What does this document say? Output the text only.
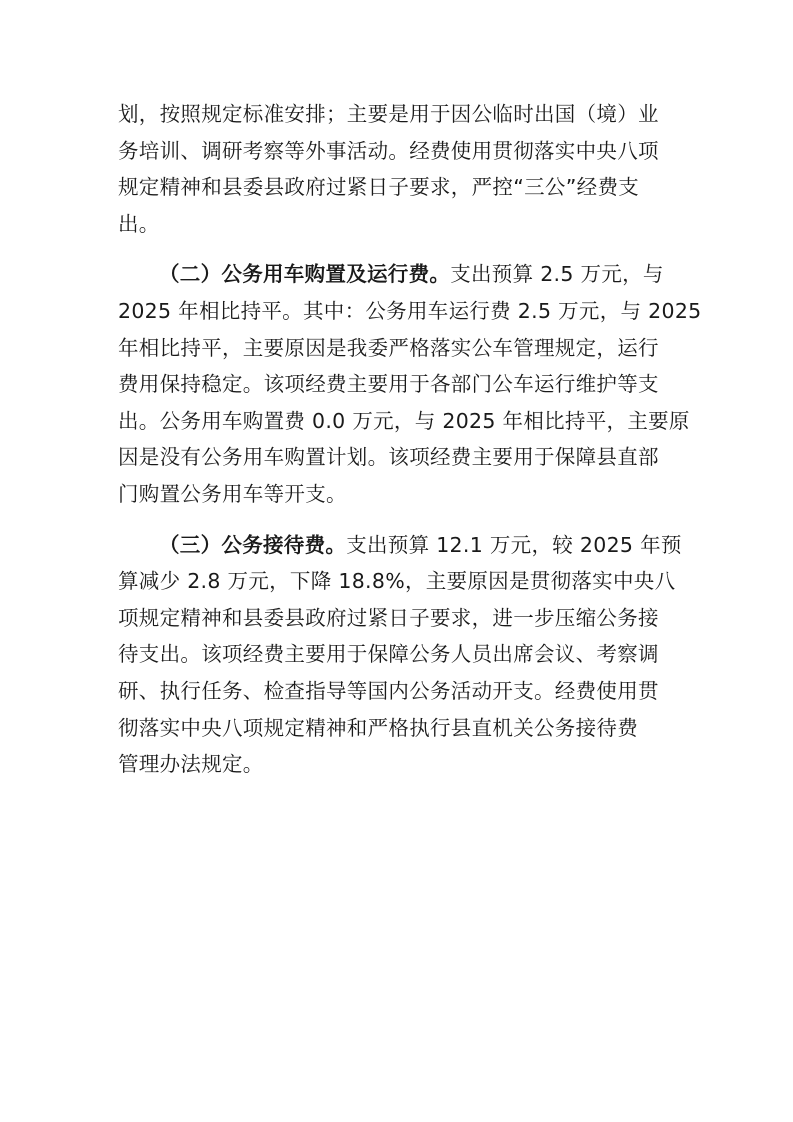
划，按照规定标准安排；主要是用于因公临时出国（境）业
务培训、调研考察等外事活动。经费使用贯彻落实中央八项
规定精神和县委县政府过紧日子要求，严控“三公”经费支
出。
（二）公务用车购置及运行费。支出预算 2.5 万元，与
2025 年相比持平。其中：公务用车运行费 2.5 万元，与 2025
年相比持平，主要原因是我委严格落实公车管理规定，运行
费用保持稳定。该项经费主要用于各部门公车运行维护等支
出。公务用车购置费 0.0 万元，与 2025 年相比持平，主要原
因是没有公务用车购置计划。该项经费主要用于保障县直部
门购置公务用车等开支。
（三）公务接待费。支出预算 12.1 万元，较 2025 年预
算减少 2.8 万元，下降 18.8%，主要原因是贯彻落实中央八
项规定精神和县委县政府过紧日子要求，进一步压缩公务接
待支出。该项经费主要用于保障公务人员出席会议、考察调
研、执行任务、检查指导等国内公务活动开支。经费使用贯
彻落实中央八项规定精神和严格执行县直机关公务接待费
管理办法规定。
